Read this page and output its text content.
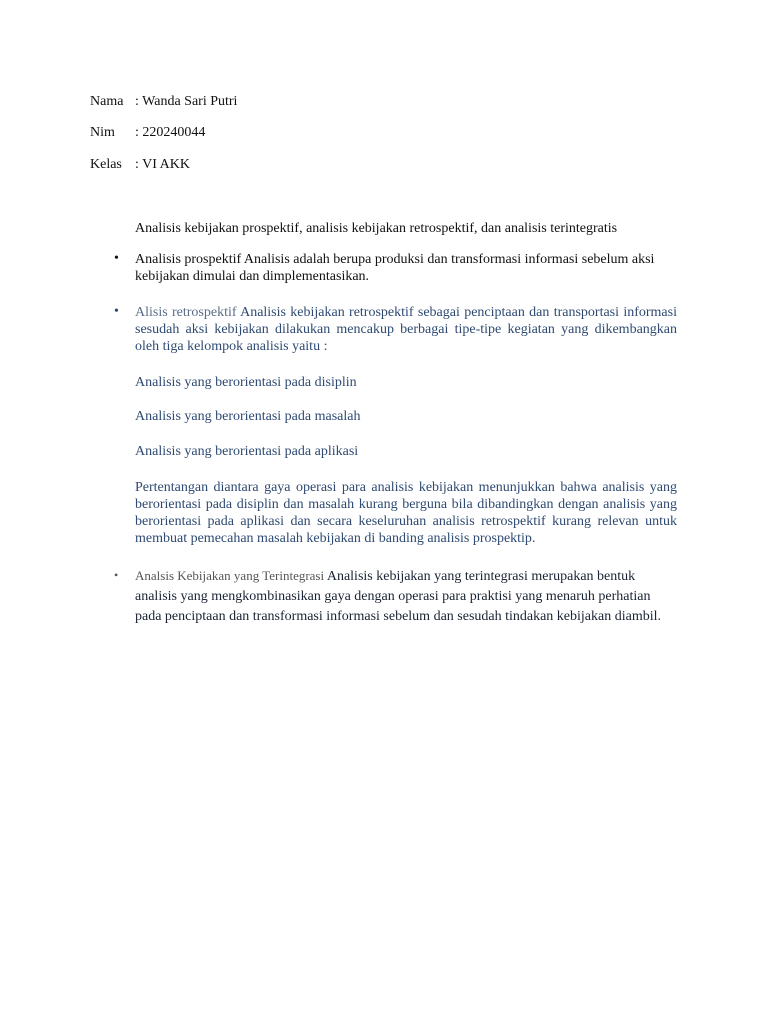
Nama : Wanda Sari Putri
Nim : 220240044
Kelas : VI AKK
Analisis kebijakan prospektif, analisis kebijakan retrospektif, dan analisis terintegratis
• Analisis prospektif Analisis adalah berupa produksi dan transformasi informasi sebelum aksi kebijakan dimulai dan dimplementasikan.
• Alisis retrospektif Analisis kebijakan retrospektif sebagai penciptaan dan transportasi informasi sesudah aksi kebijakan dilakukan mencakup berbagai tipe-tipe kegiatan yang dikembangkan oleh tiga kelompok analisis yaitu :
Analisis yang berorientasi pada disiplin
Analisis yang berorientasi pada masalah
Analisis yang berorientasi pada aplikasi
Pertentangan diantara gaya operasi para analisis kebijakan menunjukkan bahwa analisis yang berorientasi pada disiplin dan masalah kurang berguna bila dibandingkan dengan analisis yang berorientasi pada aplikasi dan secara keseluruhan analisis retrospektif kurang relevan untuk membuat pemecahan masalah kebijakan di banding analisis prospektip.
• Analsis Kebijakan yang Terintegrasi Analisis kebijakan yang terintegrasi merupakan bentuk analisis yang mengkombinasikan gaya dengan operasi para praktisi yang menaruh perhatian pada penciptaan dan transformasi informasi sebelum dan sesudah tindakan kebijakan diambil.
